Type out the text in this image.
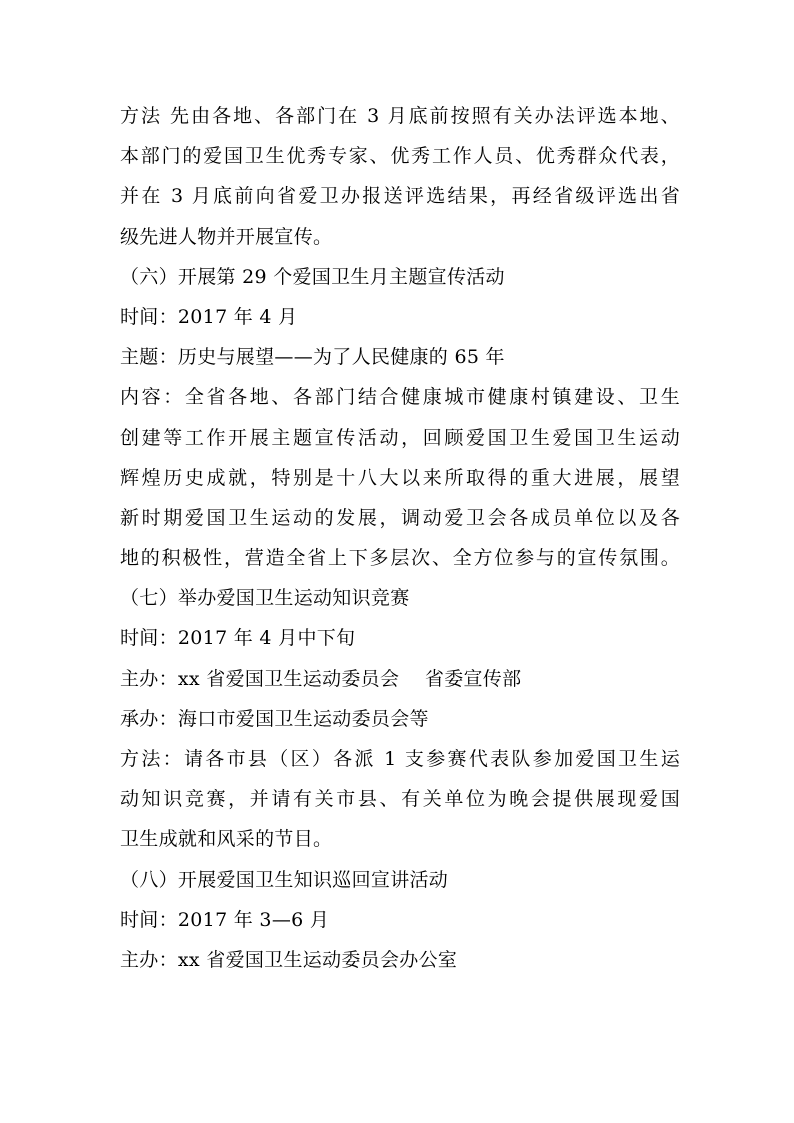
方法 先由各地、各部门在 3 月底前按照有关办法评选本地、
本部门的爱国卫生优秀专家、优秀工作人员、优秀群众代表，
并在 3 月底前向省爱卫办报送评选结果，再经省级评选出省
级先进人物并开展宣传。
（六）开展第 29 个爱国卫生月主题宣传活动
时间：2017 年 4 月
主题：历史与展望——为了人民健康的 65 年
内容：全省各地、各部门结合健康城市健康村镇建设、卫生
创建等工作开展主题宣传活动，回顾爱国卫生爱国卫生运动
辉煌历史成就，特别是十八大以来所取得的重大进展，展望
新时期爱国卫生运动的发展，调动爱卫会各成员单位以及各
地的积极性，营造全省上下多层次、全方位参与的宣传氛围。
（七）举办爱国卫生运动知识竞赛
时间：2017 年 4 月中下旬
主办：xx 省爱国卫生运动委员会　 省委宣传部
承办：海口市爱国卫生运动委员会等
方法：请各市县（区）各派 1 支参赛代表队参加爱国卫生运
动知识竞赛，并请有关市县、有关单位为晚会提供展现爱国
卫生成就和风采的节目。
（八）开展爱国卫生知识巡回宣讲活动
时间：2017 年 3—6 月
主办：xx 省爱国卫生运动委员会办公室
